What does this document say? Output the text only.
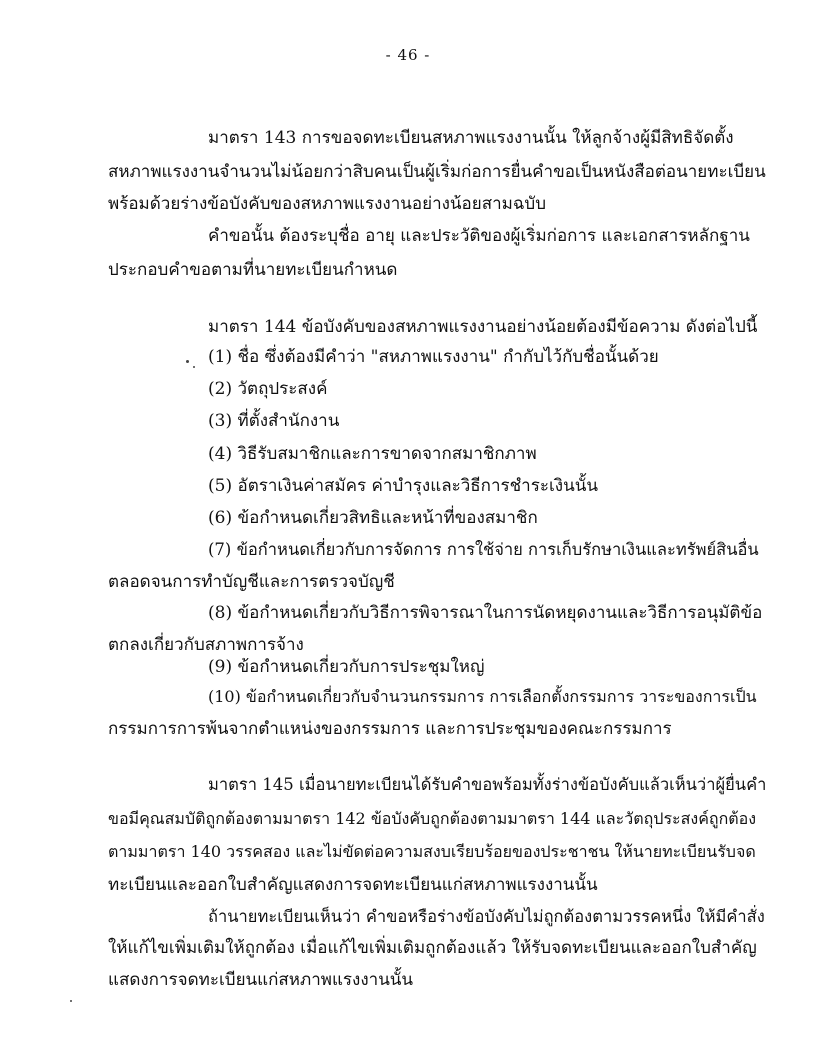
- 46 -
มาตรา 143 การขอจดทะเบียนสหภาพแรงงานนั้น ให้ลูกจ้างผู้มีสิทธิจัดตั้ง
สหภาพแรงงานจำนวนไม่น้อยกว่าสิบคนเป็นผู้เริ่มก่อการยื่นคำขอเป็นหนังสือต่อนายทะเบียน
พร้อมด้วยร่างข้อบังคับของสหภาพแรงงานอย่างน้อยสามฉบับ
คำขอนั้น ต้องระบุชื่อ อายุ และประวัติของผู้เริ่มก่อการ และเอกสารหลักฐาน
ประกอบคำขอตามที่นายทะเบียนกำหนด
มาตรา 144 ข้อบังคับของสหภาพแรงงานอย่างน้อยต้องมีข้อความ ดังต่อไปนี้
(1) ชื่อ ซึ่งต้องมีคำว่า "สหภาพแรงงาน" กำกับไว้กับชื่อนั้นด้วย
(2) วัตถุประสงค์
(3) ที่ตั้งสำนักงาน
(4) วิธีรับสมาชิกและการขาดจากสมาชิกภาพ
(5) อัตราเงินค่าสมัคร ค่าบำรุงและวิธีการชำระเงินนั้น
(6) ข้อกำหนดเกี่ยวสิทธิและหน้าที่ของสมาชิก
(7) ข้อกำหนดเกี่ยวกับการจัดการ การใช้จ่าย การเก็บรักษาเงินและทรัพย์สินอื่น
ตลอดจนการทำบัญชีและการตรวจบัญชี
(8) ข้อกำหนดเกี่ยวกับวิธีการพิจารณาในการนัดหยุดงานและวิธีการอนุมัติข้อ
ตกลงเกี่ยวกับสภาพการจ้าง
(9) ข้อกำหนดเกี่ยวกับการประชุมใหญ่
(10) ข้อกำหนดเกี่ยวกับจำนวนกรรมการ การเลือกตั้งกรรมการ วาระของการเป็น
กรรมการการพ้นจากตำแหน่งของกรรมการ และการประชุมของคณะกรรมการ
มาตรา 145 เมื่อนายทะเบียนได้รับคำขอพร้อมทั้งร่างข้อบังคับแล้วเห็นว่าผู้ยื่นคำ
ขอมีคุณสมบัติถูกต้องตามมาตรา 142 ข้อบังคับถูกต้องตามมาตรา 144 และวัตถุประสงค์ถูกต้อง
ตามมาตรา 140 วรรคสอง และไม่ขัดต่อความสงบเรียบร้อยของประชาชน ให้นายทะเบียนรับจด
ทะเบียนและออกใบสำคัญแสดงการจดทะเบียนแก่สหภาพแรงงานนั้น
ถ้านายทะเบียนเห็นว่า คำขอหรือร่างข้อบังคับไม่ถูกต้องตามวรรคหนึ่ง ให้มีคำสั่ง
ให้แก้ไขเพิ่มเติมให้ถูกต้อง เมื่อแก้ไขเพิ่มเติมถูกต้องแล้ว ให้รับจดทะเบียนและออกใบสำคัญ
แสดงการจดทะเบียนแก่สหภาพแรงงานนั้น
